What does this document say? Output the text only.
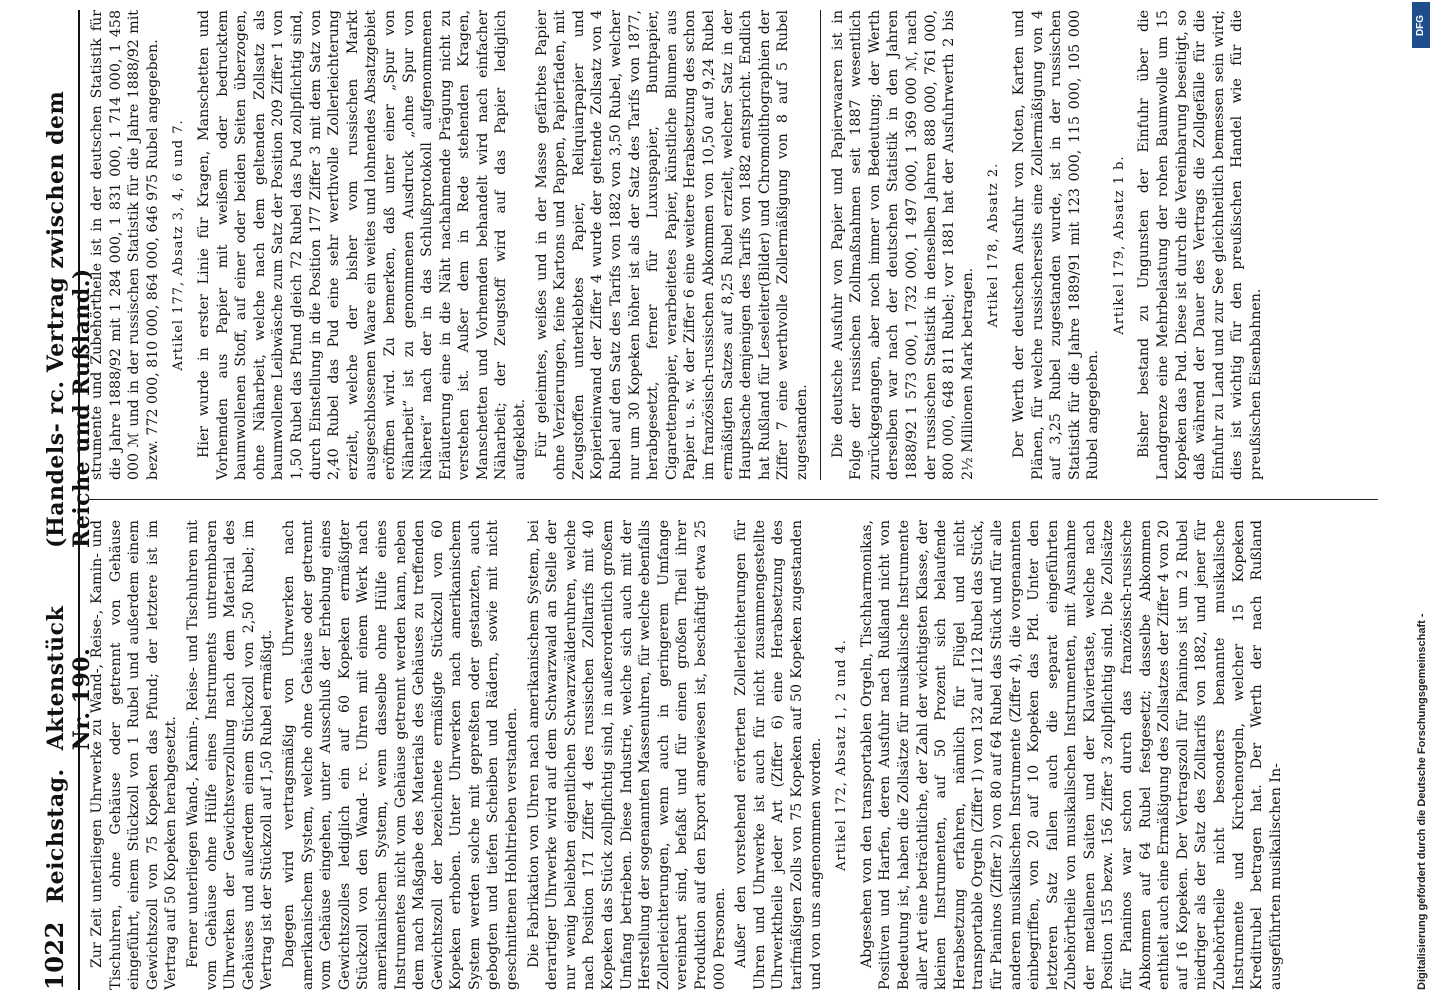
1022
Reichstag.
Aktenstück Nr. 190.
(Handels- rc. Vertrag zwischen dem Reiche und Rußland.)

Zur Zeit unterliegen Uhrwerke zu Wand-, Reise-, Kamin- und Tischuhren, ohne Gehäuse oder getrennt von Gehäuse eingeführt, einem Stückzoll von 1 Rubel und außerdem einem Gewichtszoll von 75 Kopeken das Pfund; der letztere ist im Vertrag auf 50 Kopeken herabgesetzt. Ferner unterliegen Wand-, Kamin-, Reise- und Tischuhren mit vom Gehäuse ohne Hülfe eines Instruments untrennbaren Uhrwerken der Gewichtsverzollung nach dem Material des Gehäuses und außerdem einem Stückzoll von 2,50 Rubel; im Vertrag ist der Stückzoll auf 1,50 Rubel ermäßigt. Dagegen wird vertragsmäßig von Uhrwerken nach amerikanischem System, welche ohne Gehäuse oder getrennt vom Gehäuse eingehen, unter Ausschluß der Erhebung eines Gewichtszolles lediglich ein auf 60 Kopeken ermäßigter Stückzoll von den Wand- rc. Uhren mit einem Werk nach amerikanischem System, wenn dasselbe ohne Hülfe eines Instrumentes nicht vom Gehäuse getrennt werden kann, neben dem nach Maßgabe des Materials des Gehäuses zu treffenden Gewichtszoll der bezeichnete ermäßigte Stückzoll von 60 Kopeken erhoben. Unter Uhrwerken nach amerikanischem System werden solche mit gepreßten oder gestanzten, auch gebogten und tiefen Scheiben und Rädern, sowie mit nicht geschnittenen Hohltrieben verstanden. Die Fabrikation von Uhren nach amerikanischem System, bei derartiger Uhrwerke wird auf dem Schwarzwald an Stelle der nur wenig beliebten eigentlichen Schwarzwälderuhren, welche nach Position 171 Ziffer 4 des russischen Zolltarifs mit 40 Kopeken das Stück zollpflichtig sind, in außerordentlich großem Umfang betrieben. Diese Industrie, welche sich auch mit der Herstellung der sogenannten Massenuhren, für welche ebenfalls Zollerleichterungen, wenn auch in geringerem Umfange vereinbart sind, befaßt und für einen großen Theil ihrer Produktion auf den Export angewiesen ist, beschäftigt etwa 25 000 Personen. Außer den vorstehend erörterten Zollerleichterungen für Uhren und Uhrwerke ist auch für nicht zusammengestellte Uhrwerktheile jeder Art (Ziffer 6) eine Herabsetzung des tarifmäßigen Zolls von 75 Kopeken auf 50 Kopeken zugestanden und von uns angenommen worden. Artikel 172, Absatz 1, 2 und 4. Abgesehen von den transportablen Orgeln, Tischharmonikas, Positiven und Harfen, deren Ausfuhr nach Rußland nicht von Bedeutung ist, haben die Zollsätze für musikalische Instrumente aller Art eine beträchtliche, der Zahl der wichtigsten Klasse, der kleinen Instrumenten, auf 50 Prozent sich belaufende Herabsetzung erfahren, nämlich für Flügel und nicht transportable Orgeln (Ziffer 1) von 132 auf 112 Rubel das Stück, für Pianinos (Ziffer 2) von 80 auf 64 Rubel das Stück und für alle anderen musikalischen Instrumente (Ziffer 4), die vorgenannten einbegriffen, von 20 auf 10 Kopeken das Pfd. Unter den letzteren Satz fallen auch die separat eingeführten Zubehörtheile von musikalischen Instrumenten, mit Ausnahme der metallenen Saiten und der Klaviertaste, welche nach Position 155 bezw. 156 Ziffer 3 zollpflichtig sind. Die Zollsätze für Pianinos war schon durch das französisch-russische Abkommen auf 64 Rubel festgesetzt; dasselbe Abkommen enthielt auch eine Ermäßigung des Zollsatzes der Ziffer 4 von 20 auf 16 Kopeken. Der Vertragszoll für Pianinos ist um 2 Rubel niedriger als der Satz des Zolltarifs von 1882, und jener für Zubehörtheile nicht besonders benannte musikalische Instrumente und Kirchenorgeln, welcher 15 Kopeken Kreditrubel betragen hat. Der Werth der nach Rußland ausgeführten musikalischen In-

strumente und Zubehörtheile ist in der deutschen Statistik für die Jahre 1888/92 mit 1 284 000, 1 831 000, 1 714 000, 1 458 000 ℳ und in der russischen Statistik für die Jahre 1888/92 mit bezw. 772 000, 810 000, 864 000, 646 975 Rubel angegeben. Artikel 177, Absatz 3, 4, 6 und 7. Hier wurde in erster Linie für Kragen, Manschetten und Vorhemden aus Papier mit weißem oder bedrucktem baumwollenen Stoff, auf einer oder beiden Seiten überzogen, ohne Näharbeit, welche nach dem geltenden Zollsatz als baumwollene Leibwäsche zum Satz der Position 209 Ziffer 1 von 1,50 Rubel das Pfund gleich 72 Rubel das Pud zollpflichtig sind, durch Einstellung in die Position 177 Ziffer 3 mit dem Satz von 2,40 Rubel das Pud eine sehr werthvolle Zollerleichterung erzielt, welche der bisher vom russischen Markt ausgeschlossenen Waare ein weites und lohnendes Absatzgebiet eröffnen wird. Zu bemerken, daß unter einer „Spur von Näharbeit“ ist zu genommenen Ausdruck „ohne Spur von Näherei“ nach der in das Schlußprotokoll aufgenommenen Erläuterung eine in die Näht nachahmende Prägung nicht zu verstehen ist. Außer dem in Rede stehenden Kragen, Manschetten und Vorhemden behandelt wird nach einfacher Näharbeit; der Zeugstoff wird auf das Papier lediglich aufgeklebt. Für geleimtes, weißes und in der Masse gefärbtes Papier ohne Verzierungen, feine Kartons und Pappen, Papierfaden, mit Zeugstoffen unterklebtes Papier, Reliquiarpapier und Kopierleinwand der Ziffer 4 wurde der geltende Zollsatz von 4 Rubel auf den Satz des Tarifs von 1882 von 3,50 Rubel, welcher nur um 30 Kopeken höher ist als der Satz des Tarifs von 1877, herabgesetzt, ferner für Luxuspapier, Buntpapier, Cigarettenpapier, verarbeitetes Papier, künstliche Blumen aus Papier u. s. w. der Ziffer 6 eine weitere Herabsetzung des schon im französisch-russischen Abkommen von 10,50 auf 9,24 Rubel ermäßigten Satzes auf 8,25 Rubel erzielt, welcher Satz in der Hauptsache demjenigen des Tarifs von 1882 entspricht. Endlich hat Rußland für Leseleiter(Bilder) und Chromolithographien der Ziffer 7 eine werthvolle Zollermäßigung von 8 auf 5 Rubel zugestanden. Die deutsche Ausfuhr von Papier und Papierwaaren ist in Folge der russischen Zollmaßnahmen seit 1887 wesentlich zurückgegangen, aber noch immer von Bedeutung; der Werth derselben war nach der deutschen Statistik in den Jahren 1888/92 1 573 000, 1 732 000, 1 497 000, 1 369 000 ℳ, nach der russischen Statistik in denselben Jahren 888 000, 761 000, 800 000, 648 811 Rubel; vor 1881 hat der Ausfuhrwerth 2 bis 2½ Millionen Mark betragen.

Artikel 178, Absatz 2. Der Werth der deutschen Ausfuhr von Noten, Karten und Plänen, für welche russischerseits eine Zollermäßigung von 4 auf 3,25 Rubel zugestanden wurde, ist in der russischen Statistik für die Jahre 1889/91 mit 123 000, 115 000, 105 000 Rubel angegeben.

Artikel 179, Absatz 1 b. Bisher bestand zu Ungunsten der Einfuhr über die Landgrenze eine Mehrbelastung der rohen Baumwolle um 15 Kopeken das Pud. Diese ist durch die Vereinbarung beseitigt, so daß während der Dauer des Vertrags die Zollgefälle für die Einfuhr zu Land und zur See gleichheitlich bemessen sein wird; dies ist wichtig für den preußischen Handel wie für die preußischen Eisenbahnen.

Digitalisierung gefördert durch die Deutsche Forschungsgemeinschaft -
DFG
